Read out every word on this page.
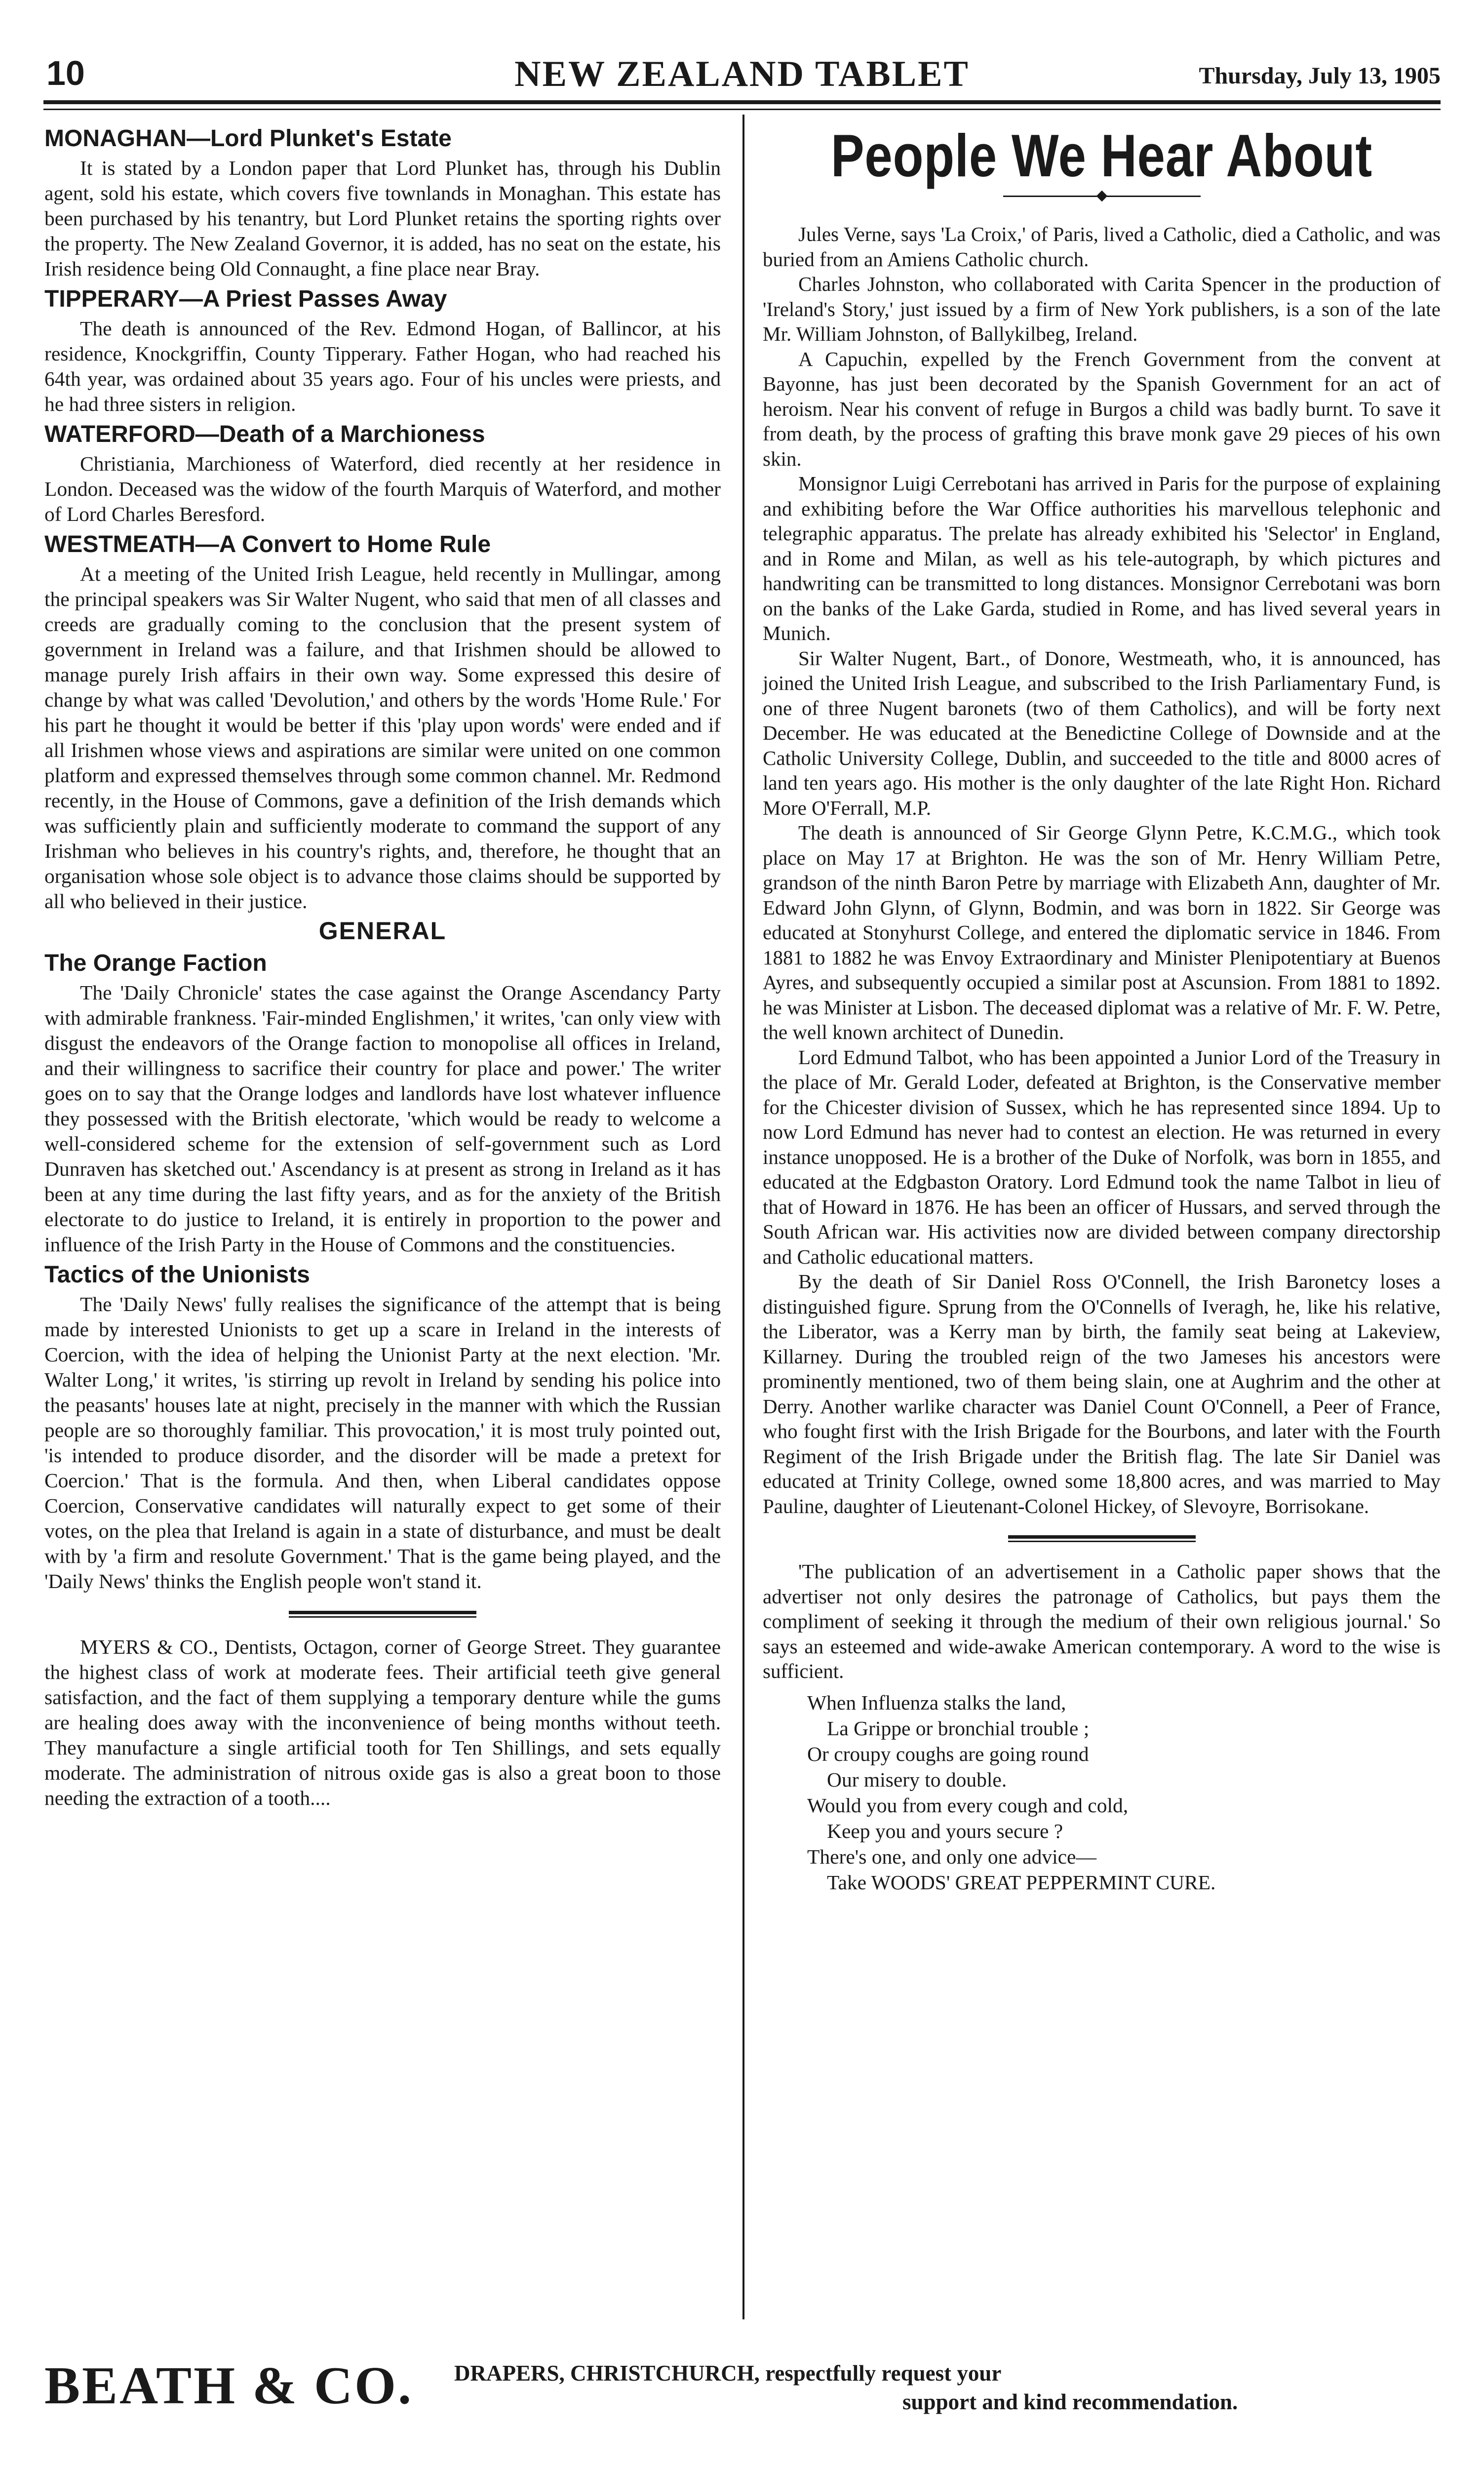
10	NEW ZEALAND TABLET	Thursday, July 13, 1905
MONAGHAN—Lord Plunket's Estate

It is stated by a London paper that Lord Plunket has, through his Dublin agent, sold his estate, which covers five townlands in Monaghan. This estate has been purchased by his tenantry, but Lord Plunket retains the sporting rights over the property. The New Zealand Governor, it is added, has no seat on the estate, his Irish residence being Old Connaught, a fine place near Bray.

TIPPERARY—A Priest Passes Away

The death is announced of the Rev. Edmond Hogan, of Ballincor, at his residence, Knockgriffin, County Tipperary. Father Hogan, who had reached his 64th year, was ordained about 35 years ago. Four of his uncles were priests, and he had three sisters in religion.

WATERFORD—Death of a Marchioness

Christiania, Marchioness of Waterford, died recently at her residence in London. Deceased was the widow of the fourth Marquis of Waterford, and mother of Lord Charles Beresford.

WESTMEATH—A Convert to Home Rule

At a meeting of the United Irish League, held recently in Mullingar, among the principal speakers was Sir Walter Nugent, who said that men of all classes and creeds are gradually coming to the conclusion that the present system of government in Ireland was a failure, and that Irishmen should be allowed to manage purely Irish affairs in their own way. Some expressed this desire of change by what was called 'Devolution,' and others by the words 'Home Rule.' For his part he thought it would be better if this 'play upon words' were ended and if all Irishmen whose views and aspirations are similar were united on one common platform and expressed themselves through some common channel. Mr. Redmond recently, in the House of Commons, gave a definition of the Irish demands which was sufficiently plain and sufficiently moderate to command the support of any Irishman who believes in his country's rights, and, therefore, he thought that an organisation whose sole object is to advance those claims should be supported by all who believed in their justice.

GENERAL
The Orange Faction

The 'Daily Chronicle' states the case against the Orange Ascendancy Party with admirable frankness. 'Fair-minded Englishmen,' it writes, 'can only view with disgust the endeavors of the Orange faction to monopolise all offices in Ireland, and their willingness to sacrifice their country for place and power.' The writer goes on to say that the Orange lodges and landlords have lost whatever influence they possessed with the British electorate, 'which would be ready to welcome a well-considered scheme for the extension of self-government such as Lord Dunraven has sketched out.' Ascendancy is at present as strong in Ireland as it has been at any time during the last fifty years, and as for the anxiety of the British electorate to do justice to Ireland, it is entirely in proportion to the power and influence of the Irish Party in the House of Commons and the constituencies.

Tactics of the Unionists

The 'Daily News' fully realises the significance of the attempt that is being made by interested Unionists to get up a scare in Ireland in the interests of Coercion, with the idea of helping the Unionist Party at the next election. 'Mr. Walter Long,' it writes, 'is stirring up revolt in Ireland by sending his police into the peasants' houses late at night, precisely in the manner with which the Russian people are so thoroughly familiar. This provocation,' it is most truly pointed out, 'is intended to produce disorder, and the disorder will be made a pretext for Coercion.' That is the formula. And then, when Liberal candidates oppose Coercion, Conservative candidates will naturally expect to get some of their votes, on the plea that Ireland is again in a state of disturbance, and must be dealt with by 'a firm and resolute Government.' That is the game being played, and the 'Daily News' thinks the English people won't stand it.

MYERS & CO., Dentists, Octagon, corner of George Street. They guarantee the highest class of work at moderate fees. Their artificial teeth give general satisfaction, and the fact of them supplying a temporary denture while the gums are healing does away with the inconvenience of being months without teeth. They manufacture a single artificial tooth for Ten Shillings, and sets equally moderate. The administration of nitrous oxide gas is also a great boon to those needing the extraction of a tooth....

People We Hear About

Jules Verne, says 'La Croix,' of Paris, lived a Catholic, died a Catholic, and was buried from an Amiens Catholic church.

Charles Johnston, who collaborated with Carita Spencer in the production of 'Ireland's Story,' just issued by a firm of New York publishers, is a son of the late Mr. William Johnston, of Ballykilbeg, Ireland.

A Capuchin, expelled by the French Government from the convent at Bayonne, has just been decorated by the Spanish Government for an act of heroism. Near his convent of refuge in Burgos a child was badly burnt. To save it from death, by the process of grafting this brave monk gave 29 pieces of his own skin.

Monsignor Luigi Cerrebotani has arrived in Paris for the purpose of explaining and exhibiting before the War Office authorities his marvellous telephonic and telegraphic apparatus. The prelate has already exhibited his 'Selector' in England, and in Rome and Milan, as well as his tele-autograph, by which pictures and handwriting can be transmitted to long distances. Monsignor Cerrebotani was born on the banks of the Lake Garda, studied in Rome, and has lived several years in Munich.

Sir Walter Nugent, Bart., of Donore, Westmeath, who, it is announced, has joined the United Irish League, and subscribed to the Irish Parliamentary Fund, is one of three Nugent baronets (two of them Catholics), and will be forty next December. He was educated at the Benedictine College of Downside and at the Catholic University College, Dublin, and succeeded to the title and 8000 acres of land ten years ago. His mother is the only daughter of the late Right Hon. Richard More O'Ferrall, M.P.

The death is announced of Sir George Glynn Petre, K.C.M.G., which took place on May 17 at Brighton. He was the son of Mr. Henry William Petre, grandson of the ninth Baron Petre by marriage with Elizabeth Ann, daughter of Mr. Edward John Glynn, of Glynn, Bodmin, and was born in 1822. Sir George was educated at Stonyhurst College, and entered the diplomatic service in 1846. From 1881 to 1882 he was Envoy Extraordinary and Minister Plenipotentiary at Buenos Ayres, and subsequently occupied a similar post at Ascunsion. From 1881 to 1892. he was Minister at Lisbon. The deceased diplomat was a relative of Mr. F. W. Petre, the well known architect of Dunedin.

Lord Edmund Talbot, who has been appointed a Junior Lord of the Treasury in the place of Mr. Gerald Loder, defeated at Brighton, is the Conservative member for the Chicester division of Sussex, which he has represented since 1894. Up to now Lord Edmund has never had to contest an election. He was returned in every instance unopposed. He is a brother of the Duke of Norfolk, was born in 1855, and educated at the Edgbaston Oratory. Lord Edmund took the name Talbot in lieu of that of Howard in 1876. He has been an officer of Hussars, and served through the South African war. His activities now are divided between company directorship and Catholic educational matters.

By the death of Sir Daniel Ross O'Connell, the Irish Baronetcy loses a distinguished figure. Sprung from the O'Connells of Iveragh, he, like his relative, the Liberator, was a Kerry man by birth, the family seat being at Lakeview, Killarney. During the troubled reign of the two Jameses his ancestors were prominently mentioned, two of them being slain, one at Aughrim and the other at Derry. Another warlike character was Daniel Count O'Connell, a Peer of France, who fought first with the Irish Brigade for the Bourbons, and later with the Fourth Regiment of the Irish Brigade under the British flag. The late Sir Daniel was educated at Trinity College, owned some 18,800 acres, and was married to May Pauline, daughter of Lieutenant-Colonel Hickey, of Slevoyre, Borrisokane.

'The publication of an advertisement in a Catholic paper shows that the advertiser not only desires the patronage of Catholics, but pays them the compliment of seeking it through the medium of their own religious journal.' So says an esteemed and wide-awake American contemporary. A word to the wise is sufficient.

When Influenza stalks the land,
La Grippe or bronchial trouble ;
Or croupy coughs are going round
Our misery to double.
Would you from every cough and cold,
Keep you and yours secure ?
There's one, and only one advice—
Take WOODS' GREAT PEPPERMINT CURE.
BEATH & CO. DRAPERS, CHRISTCHURCH, respectfully request your
support and kind recommendation.
